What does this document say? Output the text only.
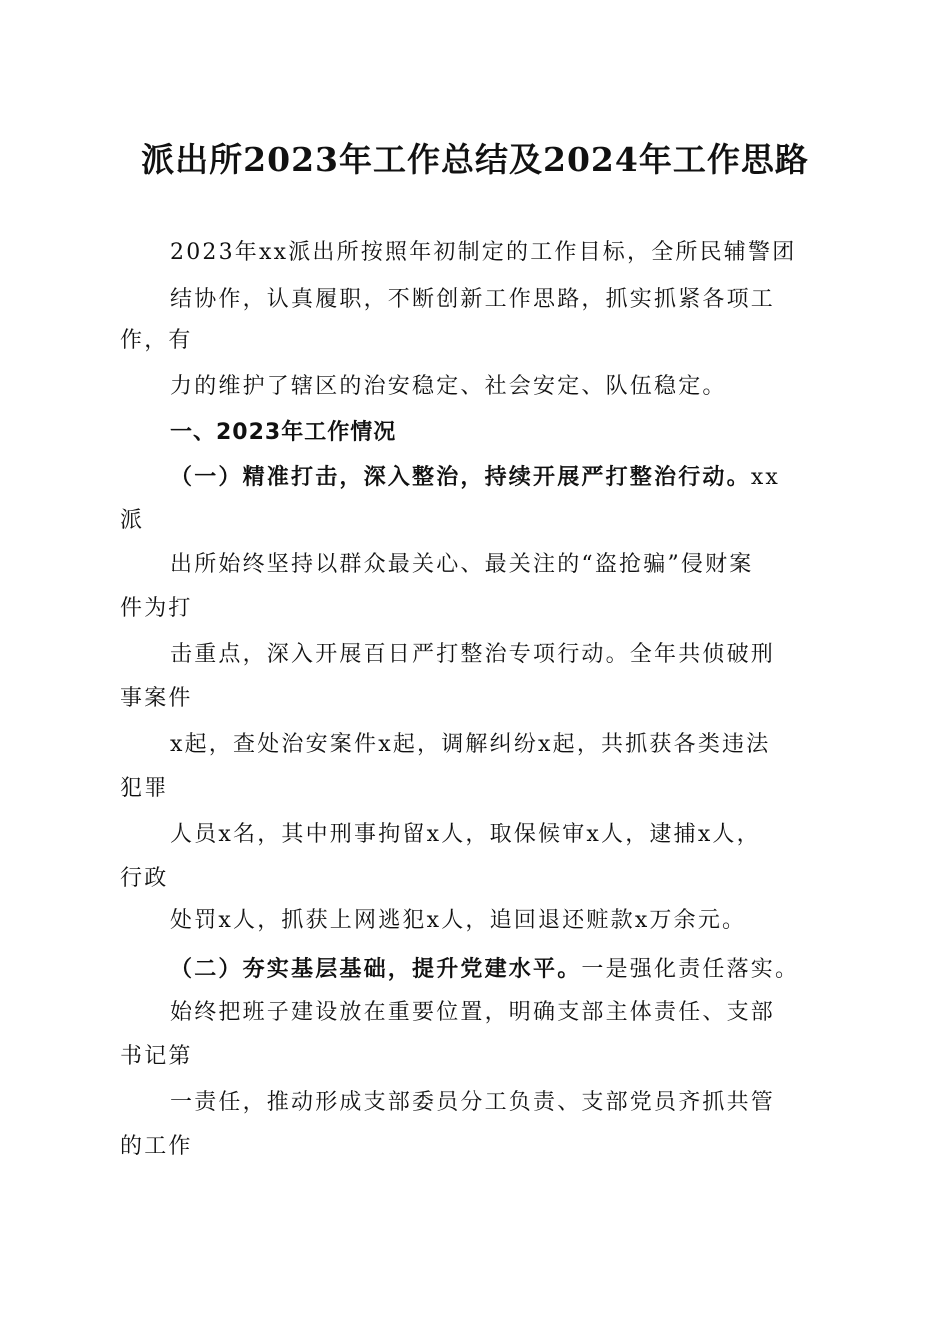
派出所2023年工作总结及2024年工作思路
2023年xx派出所按照年初制定的工作目标，全所民辅警团
结协作，认真履职，不断创新工作思路，抓实抓紧各项工
作，有
力的维护了辖区的治安稳定、社会安定、队伍稳定。
一、2023年工作情况
（一）精准打击，深入整治，持续开展严打整治行动。xx
派
出所始终坚持以群众最关心、最关注的“盗抢骗”侵财案
件为打
击重点，深入开展百日严打整治专项行动。全年共侦破刑
事案件
x起，查处治安案件x起，调解纠纷x起，共抓获各类违法
犯罪
人员x名，其中刑事拘留x人，取保候审x人，逮捕x人，
行政
处罚x人，抓获上网逃犯x人，追回退还赃款x万余元。
（二）夯实基层基础，提升党建水平。一是强化责任落实。
始终把班子建设放在重要位置，明确支部主体责任、支部
书记第
一责任，推动形成支部委员分工负责、支部党员齐抓共管
的工作
